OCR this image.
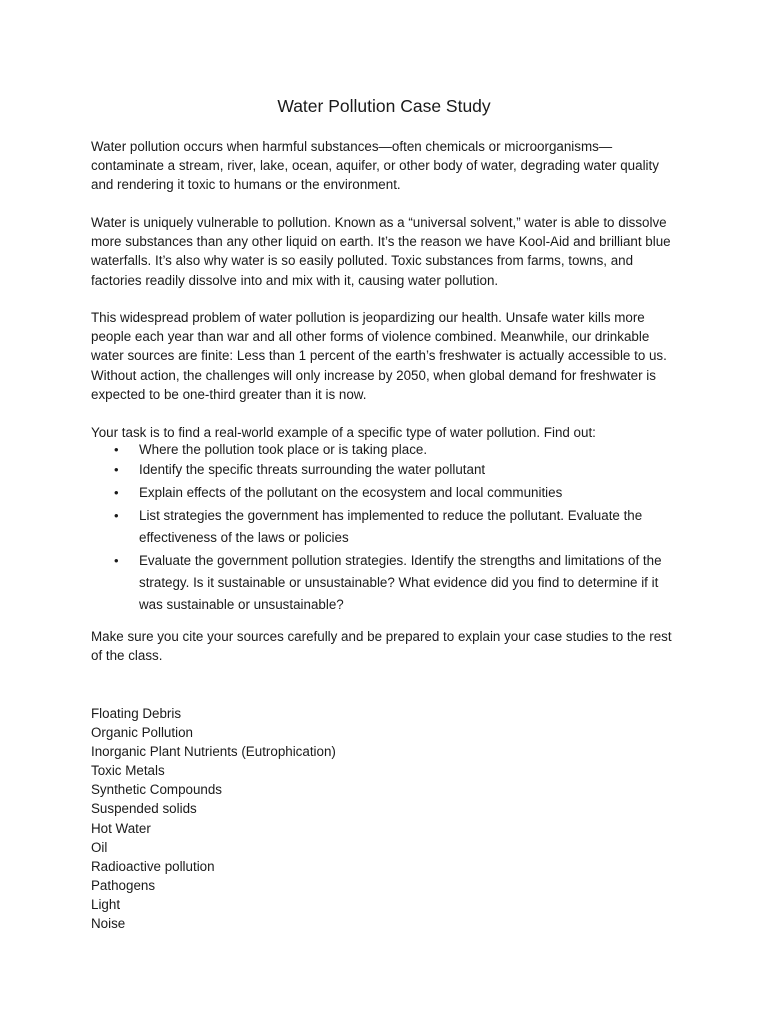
Water Pollution Case Study

Water pollution occurs when harmful substances—often chemicals or microorganisms—contaminate a stream, river, lake, ocean, aquifer, or other body of water, degrading water quality and rendering it toxic to humans or the environment.

Water is uniquely vulnerable to pollution. Known as a “universal solvent,” water is able to dissolve more substances than any other liquid on earth. It’s the reason we have Kool-Aid and brilliant blue waterfalls. It’s also why water is so easily polluted. Toxic substances from farms, towns, and factories readily dissolve into and mix with it, causing water pollution.

This widespread problem of water pollution is jeopardizing our health. Unsafe water kills more people each year than war and all other forms of violence combined. Meanwhile, our drinkable water sources are finite: Less than 1 percent of the earth’s freshwater is actually accessible to us. Without action, the challenges will only increase by 2050, when global demand for freshwater is expected to be one-third greater than it is now.

Your task is to find a real-world example of a specific type of water pollution. Find out:

• Where the pollution took place or is taking place.
• Identify the specific threats surrounding the water pollutant
• Explain effects of the pollutant on the ecosystem and local communities
• List strategies the government has implemented to reduce the pollutant. Evaluate the effectiveness of the laws or policies
• Evaluate the government pollution strategies. Identify the strengths and limitations of the strategy. Is it sustainable or unsustainable? What evidence did you find to determine if it was sustainable or unsustainable?

Make sure you cite your sources carefully and be prepared to explain your case studies to the rest of the class.

Floating Debris
Organic Pollution
Inorganic Plant Nutrients (Eutrophication)
Toxic Metals
Synthetic Compounds
Suspended solids
Hot Water
Oil
Radioactive pollution
Pathogens
Light
Noise
